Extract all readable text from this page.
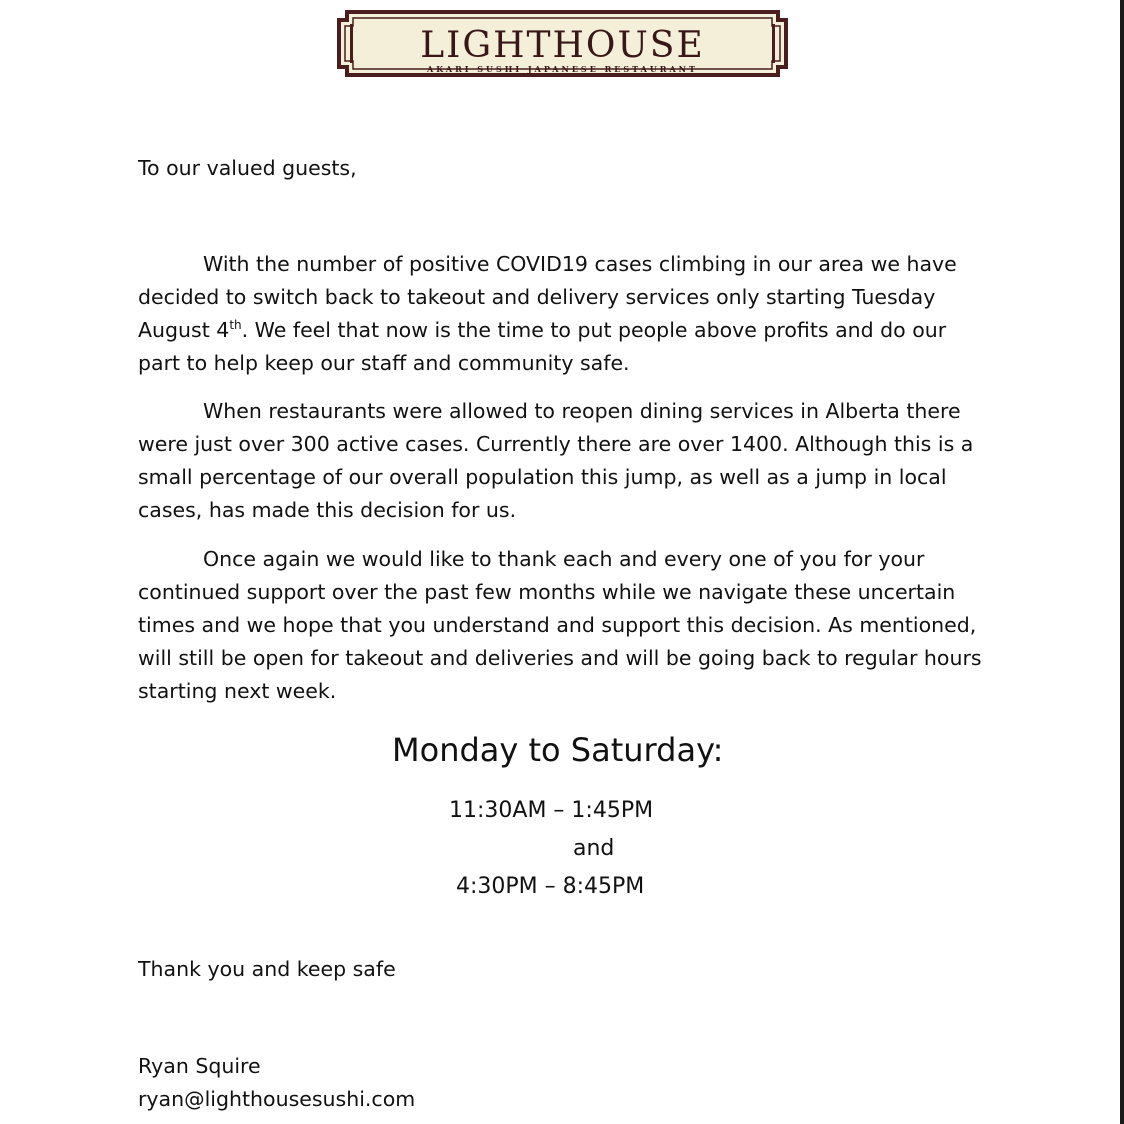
LIGHTHOUSE
AKARI SUSHI JAPANESE RESTAURANT
To our valued guests,
With the number of positive COVID19 cases climbing in our area we have
decided to switch back to takeout and delivery services only starting Tuesday
August 4th. We feel that now is the time to put people above profits and do our
part to help keep our staff and community safe.
When restaurants were allowed to reopen dining services in Alberta there
were just over 300 active cases. Currently there are over 1400. Although this is a
small percentage of our overall population this jump, as well as a jump in local
cases, has made this decision for us.
Once again we would like to thank each and every one of you for your
continued support over the past few months while we navigate these uncertain
times and we hope that you understand and support this decision. As mentioned,
will still be open for takeout and deliveries and will be going back to regular hours
starting next week.
Monday to Saturday:
11:30AM – 1:45PM
and
4:30PM – 8:45PM
Thank you and keep safe
Ryan Squire
ryan@lighthousesushi.com
